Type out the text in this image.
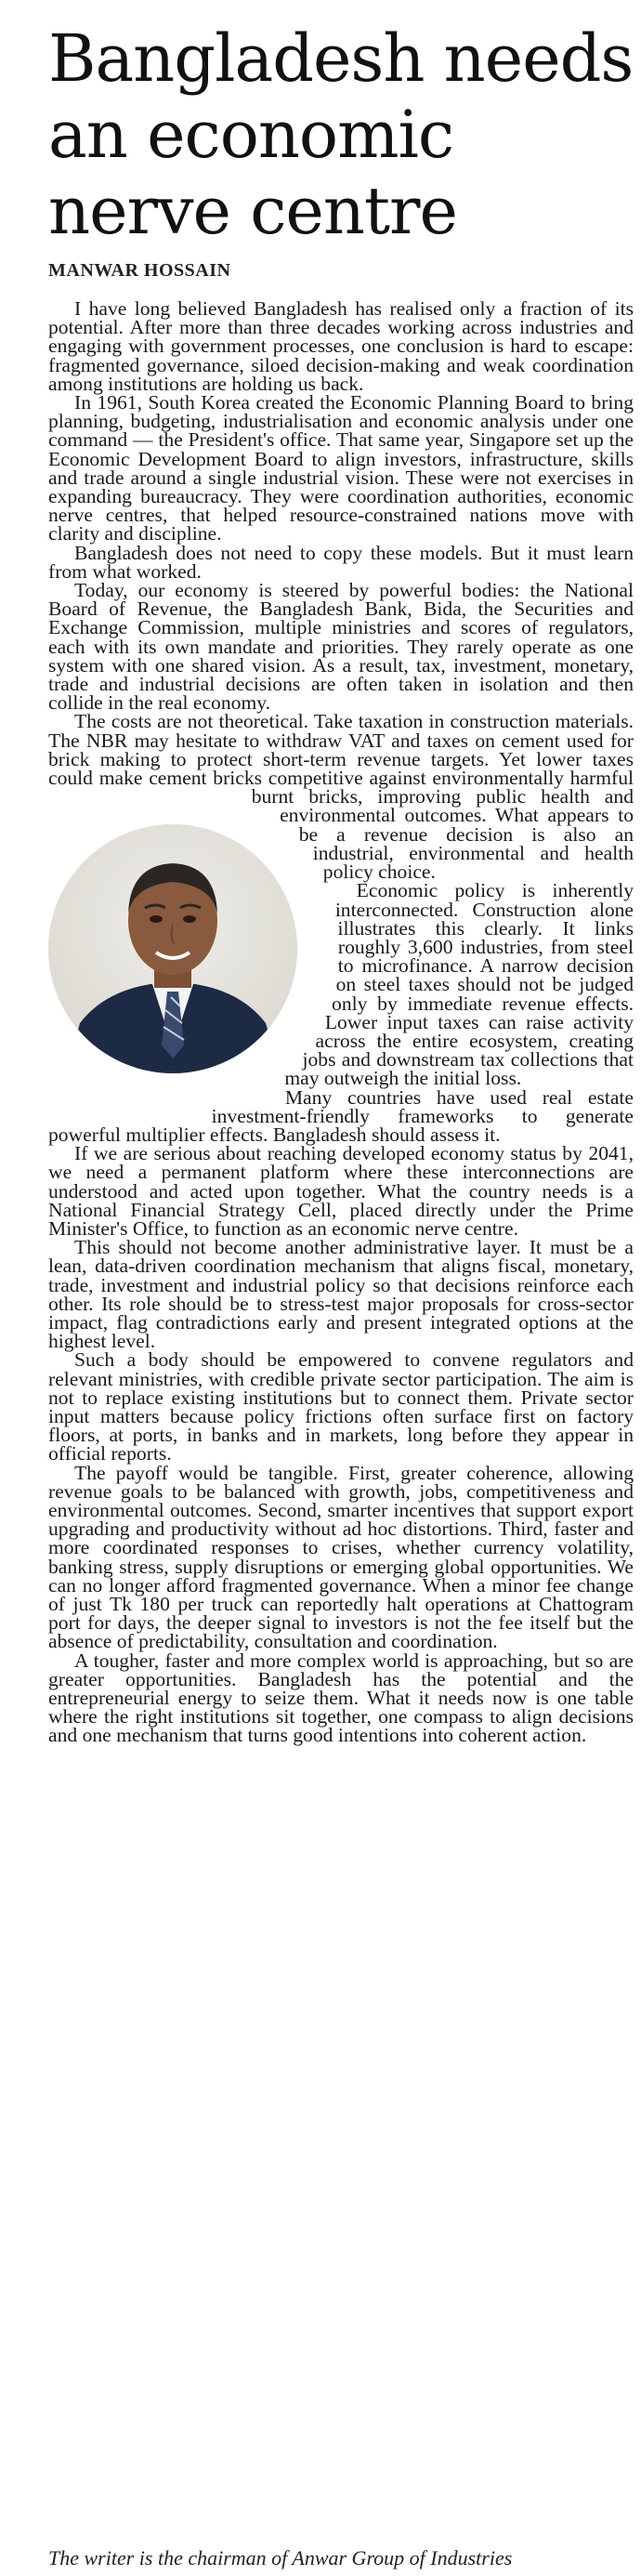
Bangladesh needs
an economic
nerve centre
MANWAR HOSSAIN

I have long believed Bangladesh has realised only a fraction of its potential. After more than three decades working across industries and engaging with government processes, one conclusion is hard to escape: fragmented governance, siloed decision-making and weak coordination among institutions are holding us back.

In 1961, South Korea created the Economic Planning Board to bring planning, budgeting, industrialisation and economic analysis under one command — the President's office. That same year, Singapore set up the Economic Development Board to align investors, infrastructure, skills and trade around a single industrial vision. These were not exercises in expanding bureaucracy. They were coordination authorities, economic nerve centres, that helped resource-constrained nations move with clarity and discipline.

Bangladesh does not need to copy these models. But it must learn from what worked.

Today, our economy is steered by powerful bodies: the National Board of Revenue, the Bangladesh Bank, Bida, the Securities and Exchange Commission, multiple ministries and scores of regulators, each with its own mandate and priorities. They rarely operate as one system with one shared vision. As a result, tax, investment, monetary, trade and industrial decisions are often taken in isolation and then collide in the real economy.

The costs are not theoretical. Take taxation in construction materials. The NBR may hesitate to withdraw VAT and taxes on cement used for brick making to protect short-term revenue targets. Yet lower taxes could make cement bricks competitive against environmentally harmful
burnt bricks, improving public health and environmental outcomes. What appears to be a revenue decision is also an industrial, environmental and health policy choice.

Economic policy is inherently interconnected. Construction alone illustrates this clearly. It links roughly 3,600 industries, from steel to microfinance. A narrow decision on steel taxes should not be judged only by immediate revenue effects. Lower input taxes can raise activity across the entire ecosystem, creating jobs and downstream tax collections that may outweigh the initial loss.

Many countries have used real estate investment-friendly frameworks to generate powerful multiplier effects. Bangladesh should assess it.

If we are serious about reaching developed economy status by 2041, we need a permanent platform where these interconnections are understood and acted upon together. What the country needs is a National Financial Strategy Cell, placed directly under the Prime Minister's Office, to function as an economic nerve centre.

This should not become another administrative layer. It must be a lean, data-driven coordination mechanism that aligns fiscal, monetary, trade, investment and industrial policy so that decisions reinforce each other. Its role should be to stress-test major proposals for cross-sector impact, flag contradictions early and present integrated options at the highest level.

Such a body should be empowered to convene regulators and relevant ministries, with credible private sector participation. The aim is not to replace existing institutions but to connect them. Private sector input matters because policy frictions often surface first on factory floors, at ports, in banks and in markets, long before they appear in official reports.

The payoff would be tangible. First, greater coherence, allowing revenue goals to be balanced with growth, jobs, competitiveness and environmental outcomes. Second, smarter incentives that support export upgrading and productivity without ad hoc distortions. Third, faster and more coordinated responses to crises, whether currency volatility, banking stress, supply disruptions or emerging global opportunities. We can no longer afford fragmented governance. When a minor fee change of just Tk 180 per truck can reportedly halt operations at Chattogram port for days, the deeper signal to investors is not the fee itself but the absence of predictability, consultation and coordination.

A tougher, faster and more complex world is approaching, but so are greater opportunities. Bangladesh has the potential and the entrepreneurial energy to seize them. What it needs now is one table where the right institutions sit together, one compass to align decisions and one mechanism that turns good intentions into coherent action.

The writer is the chairman of Anwar Group of Industries
